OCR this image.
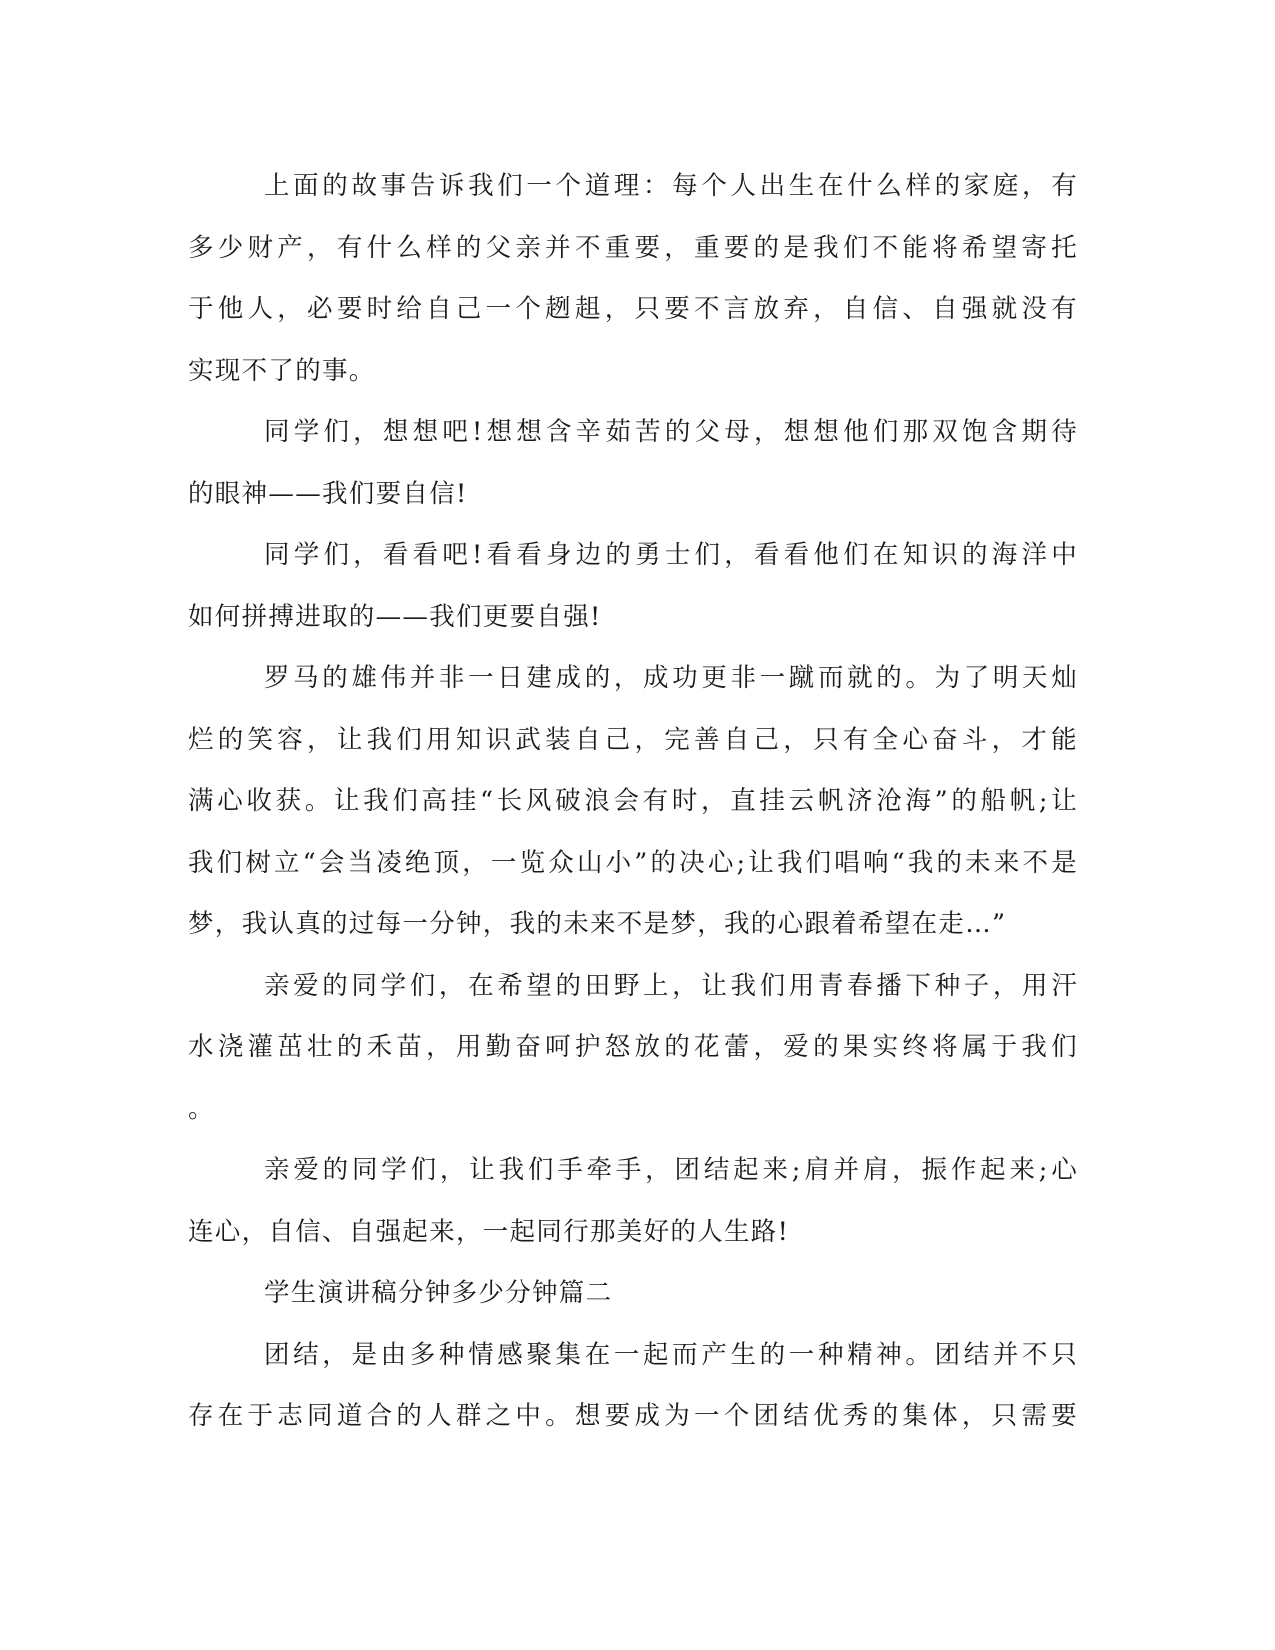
上面的故事告诉我们一个道理：每个人出生在什么样的家庭，有
多少财产，有什么样的父亲并不重要，重要的是我们不能将希望寄托
于他人，必要时给自己一个趔趄，只要不言放弃，自信、自强就没有
实现不了的事。
同学们，想想吧!想想含辛茹苦的父母，想想他们那双饱含期待
的眼神——我们要自信!
同学们，看看吧!看看身边的勇士们，看看他们在知识的海洋中
如何拼搏进取的——我们更要自强!
罗马的雄伟并非一日建成的，成功更非一蹴而就的。为了明天灿
烂的笑容，让我们用知识武装自己，完善自己，只有全心奋斗，才能
满心收获。让我们高挂“长风破浪会有时，直挂云帆济沧海”的船帆;让
我们树立“会当凌绝顶，一览众山小”的决心;让我们唱响“我的未来不是
梦，我认真的过每一分钟，我的未来不是梦，我的心跟着希望在走…”
亲爱的同学们，在希望的田野上，让我们用青春播下种子，用汗
水浇灌茁壮的禾苗，用勤奋呵护怒放的花蕾，爱的果实终将属于我们
。
亲爱的同学们，让我们手牵手，团结起来;肩并肩，振作起来;心
连心，自信、自强起来，一起同行那美好的人生路!
学生演讲稿分钟多少分钟篇二
团结，是由多种情感聚集在一起而产生的一种精神。团结并不只
存在于志同道合的人群之中。想要成为一个团结优秀的集体，只需要
